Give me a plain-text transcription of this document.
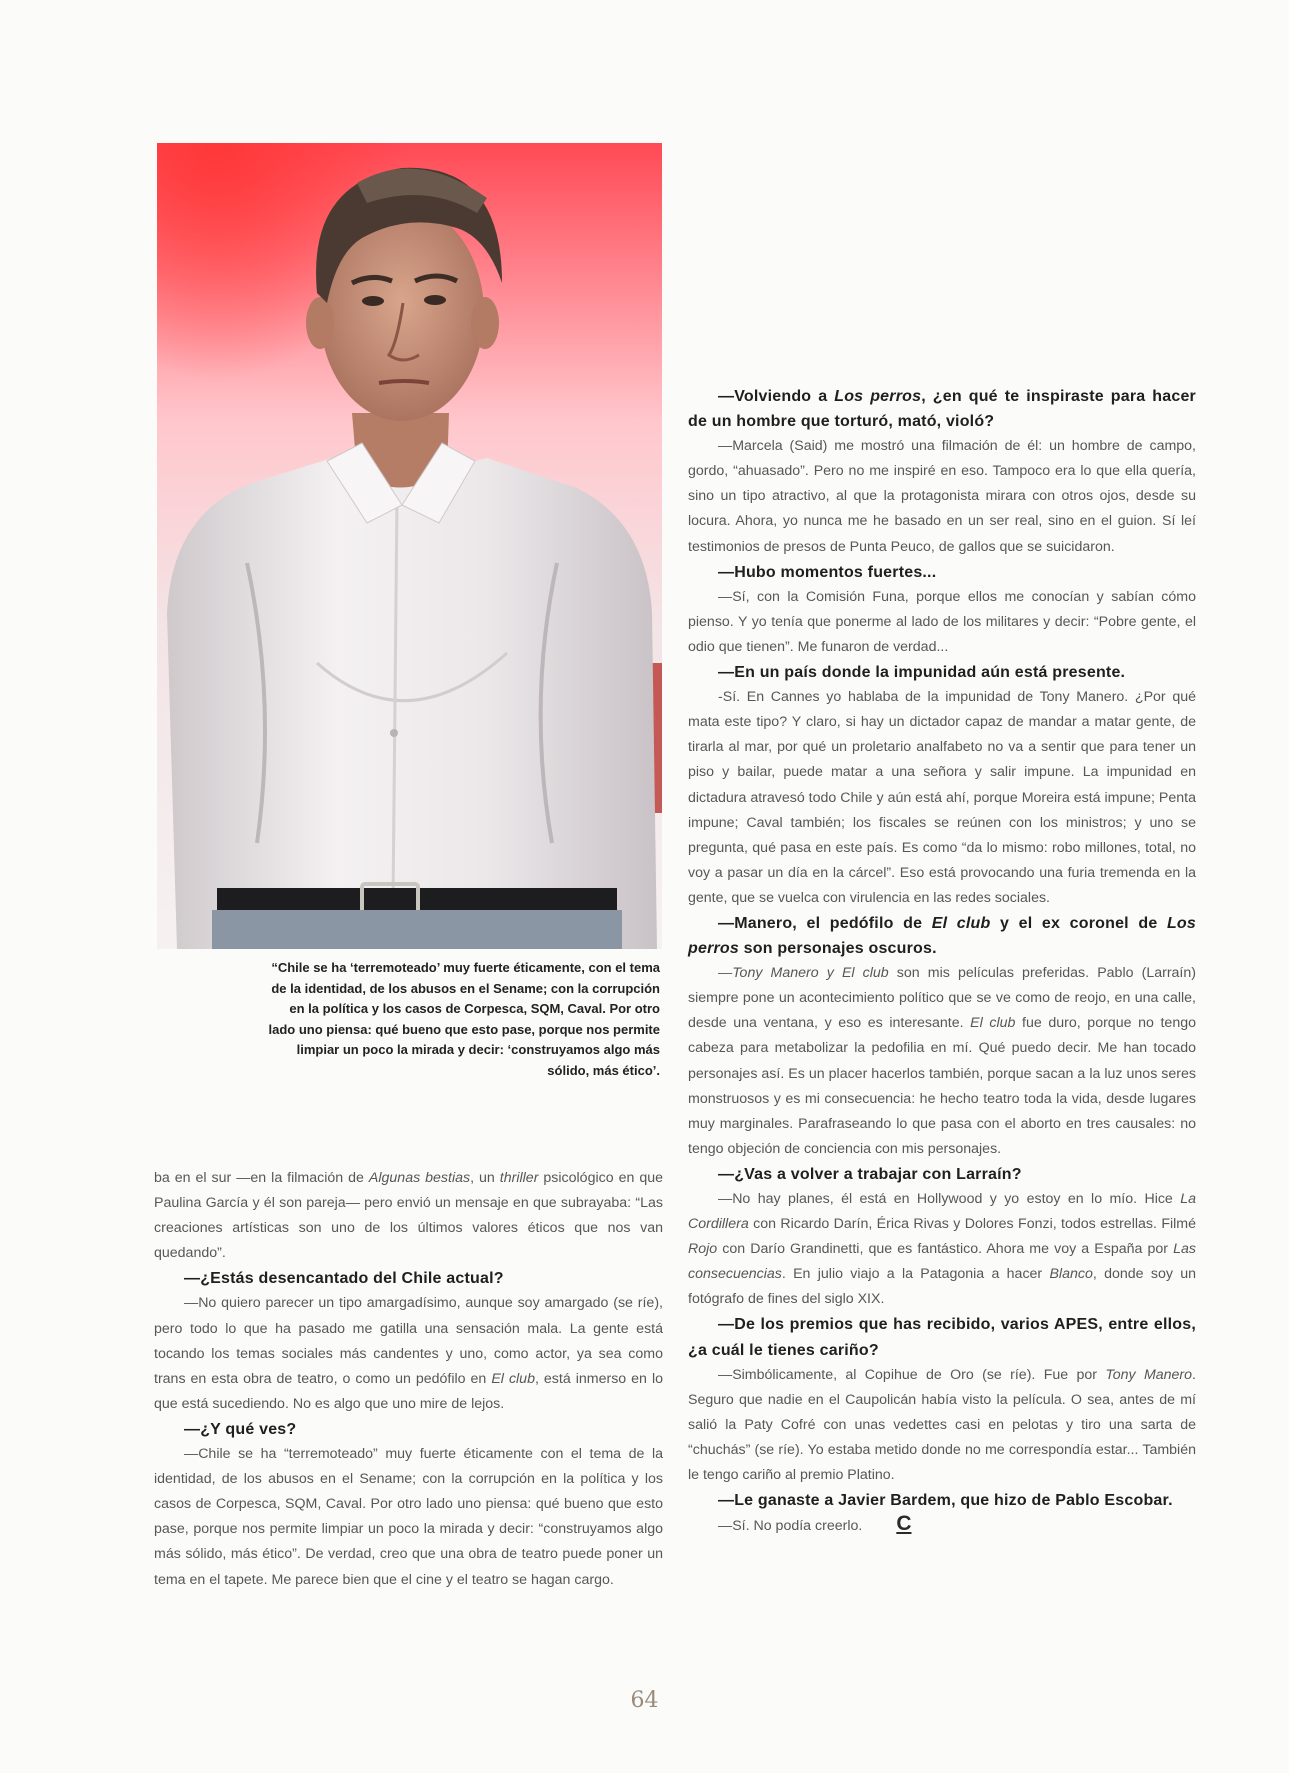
“Chile se ha ‘terremoteado’ muy fuerte éticamente, con el tema de la identidad, de los abusos en el Sename; con la corrupción en la política y los casos de Corpesca, SQM, Caval. Por otro lado uno piensa: qué bueno que esto pase, porque nos permite limpiar un poco la mirada y decir: ‘construyamos algo más sólido, más ético’.

ba en el sur —en la filmación de Algunas bestias, un thriller psicológico en que Paulina García y él son pareja— pero envió un mensaje en que subrayaba: “Las creaciones artísticas son uno de los últimos valores éticos que nos van quedando”.

—¿Estás desencantado del Chile actual?

—No quiero parecer un tipo amargadísimo, aunque soy amargado (se ríe), pero todo lo que ha pasado me gatilla una sensación mala. La gente está tocando los temas sociales más candentes y uno, como actor, ya sea como trans en esta obra de teatro, o como un pedófilo en El club, está inmerso en lo que está sucediendo. No es algo que uno mire de lejos.

—¿Y qué ves?

—Chile se ha “terremoteado” muy fuerte éticamente con el tema de la identidad, de los abusos en el Sename; con la corrupción en la política y los casos de Corpesca, SQM, Caval. Por otro lado uno piensa: qué bueno que esto pase, porque nos permite limpiar un poco la mirada y decir: “construyamos algo más sólido, más ético”. De verdad, creo que una obra de teatro puede poner un tema en el tapete. Me parece bien que el cine y el teatro se hagan cargo.

—Volviendo a Los perros, ¿en qué te inspiraste para hacer de un hombre que torturó, mató, violó?

—Marcela (Said) me mostró una filmación de él: un hombre de campo, gordo, “ahuasado”. Pero no me inspiré en eso. Tampoco era lo que ella quería, sino un tipo atractivo, al que la protagonista mirara con otros ojos, desde su locura. Ahora, yo nunca me he basado en un ser real, sino en el guion. Sí leí testimonios de presos de Punta Peuco, de gallos que se suicidaron.

—Hubo momentos fuertes...

—Sí, con la Comisión Funa, porque ellos me conocían y sabían cómo pienso. Y yo tenía que ponerme al lado de los militares y decir: “Pobre gente, el odio que tienen”. Me funaron de verdad...

—En un país donde la impunidad aún está presente.

-Sí. En Cannes yo hablaba de la impunidad de Tony Manero. ¿Por qué mata este tipo? Y claro, si hay un dictador capaz de mandar a matar gente, de tirarla al mar, por qué un proletario analfabeto no va a sentir que para tener un piso y bailar, puede matar a una señora y salir impune. La impunidad en dictadura atravesó todo Chile y aún está ahí, porque Moreira está impune; Penta impune; Caval también; los fiscales se reúnen con los ministros; y uno se pregunta, qué pasa en este país. Es como “da lo mismo: robo millones, total, no voy a pasar un día en la cárcel”. Eso está provocando una furia tremenda en la gente, que se vuelca con virulencia en las redes sociales.

—Manero, el pedófilo de El club y el ex coronel de Los perros son personajes oscuros.

—Tony Manero y El club son mis películas preferidas. Pablo (Larraín) siempre pone un acontecimiento político que se ve como de reojo, en una calle, desde una ventana, y eso es interesante. El club fue duro, porque no tengo cabeza para metabolizar la pedofilia en mí. Qué puedo decir. Me han tocado personajes así. Es un placer hacerlos también, porque sacan a la luz unos seres monstruosos y es mi consecuencia: he hecho teatro toda la vida, desde lugares muy marginales. Parafraseando lo que pasa con el aborto en tres causales: no tengo objeción de conciencia con mis personajes.

—¿Vas a volver a trabajar con Larraín?

—No hay planes, él está en Hollywood y yo estoy en lo mío. Hice La Cordillera con Ricardo Darín, Érica Rivas y Dolores Fonzi, todos estrellas. Filmé Rojo con Darío Grandinetti, que es fantástico. Ahora me voy a España por Las consecuencias. En julio viajo a la Patagonia a hacer Blanco, donde soy un fotógrafo de fines del siglo XIX.

—De los premios que has recibido, varios APES, entre ellos, ¿a cuál le tienes cariño?

—Simbólicamente, al Copihue de Oro (se ríe). Fue por Tony Manero. Seguro que nadie en el Caupolicán había visto la película. O sea, antes de mí salió la Paty Cofré con unas vedettes casi en pelotas y tiro una sarta de “chuchás” (se ríe). Yo estaba metido donde no me correspondía estar... También le tengo cariño al premio Platino.

—Le ganaste a Javier Bardem, que hizo de Pablo Escobar.

—Sí. No podía creerlo. C

64
